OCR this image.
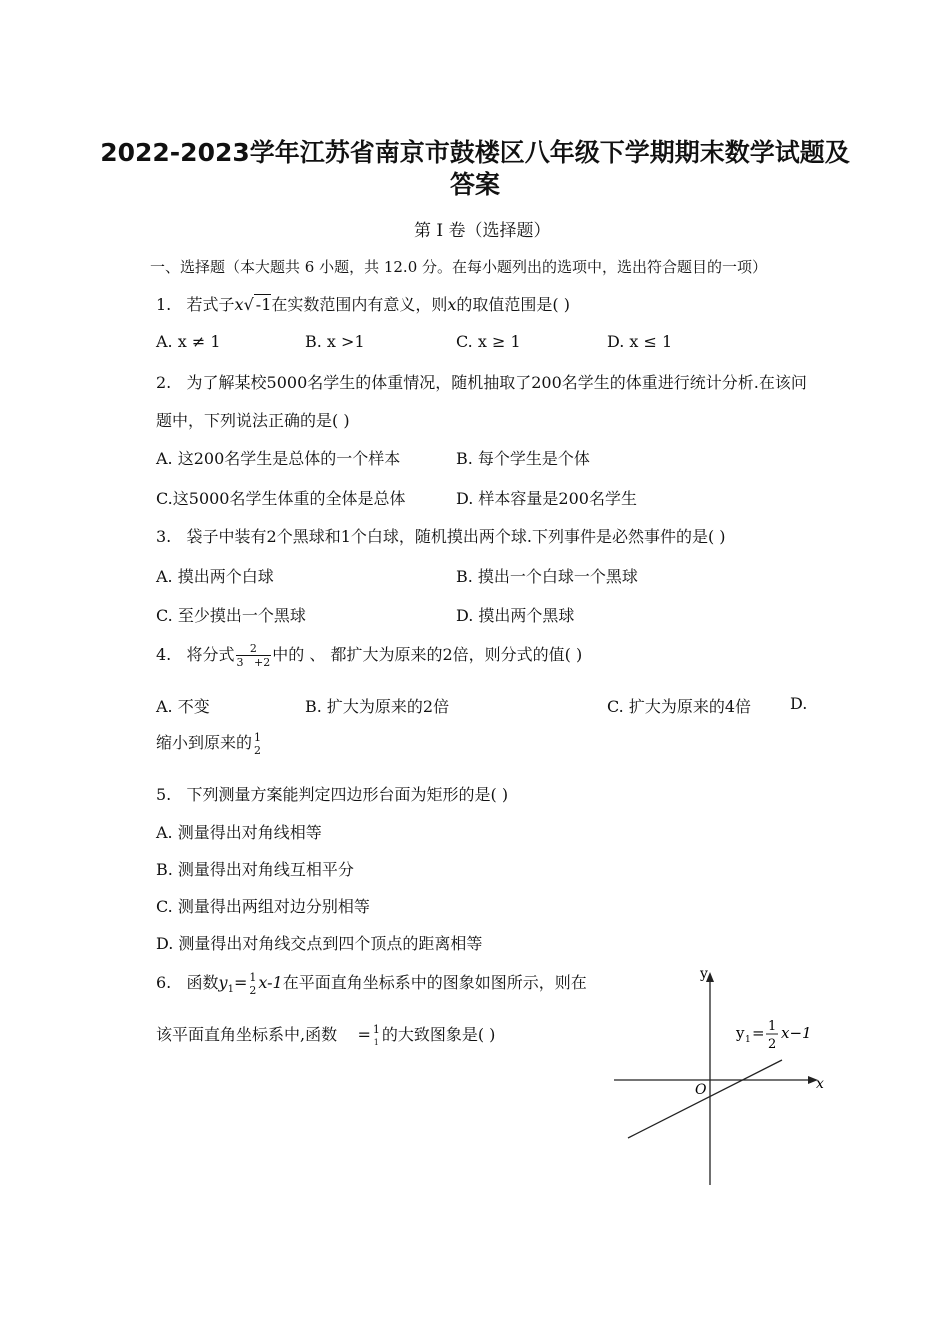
2022-2023学年江苏省南京市鼓楼区八年级下学期期末数学试题及
答案
第 I 卷（选择题）
一、选择题（本大题共 6 小题，共 12.0 分。在每小题列出的选项中，选出符合题目的一项）
1. 若式子x√ -1在实数范围内有意义，则x的取值范围是( )
A. x ≠ 1	B. x >1	C. x ≥ 1	D. x ≤ 1
2. 为了解某校5000名学生的体重情况，随机抽取了200名学生的体重进行统计分析.在该问
题中，下列说法正确的是( )
A. 这200名学生是总体的一个样本	B. 每个学生是个体
C.这5000名学生体重的全体是总体	D. 样本容量是200名学生
3. 袋子中装有2个黑球和1个白球，随机摸出两个球.下列事件是必然事件的是( )
A. 摸出两个白球	B. 摸出一个白球一个黑球
C. 至少摸出一个黑球	D. 摸出两个黑球
4. 将分式 $\frac{2}{3 +2}$ 中的 、 都扩大为原来的2倍，则分式的值( )
A. 不变	B. 扩大为原来的2倍	C. 扩大为原来的4倍 D.
缩小到原来的 1
2
5. 下列测量方案能判定四边形台面为矩形的是( )
A. 测量得出对角线相等
B. 测量得出对角线互相平分
C. 测量得出两组对边分别相等
D. 测量得出对角线交点到四个顶点的距离相等
6. 函数$y_1= 1$
2 x-1在平面直角坐标系中的图象如图所示，则在
该平面直角坐标系中,函数 = 1
1 的大致图象是( )
y
x
O
y 1 = 1
2
x−1
